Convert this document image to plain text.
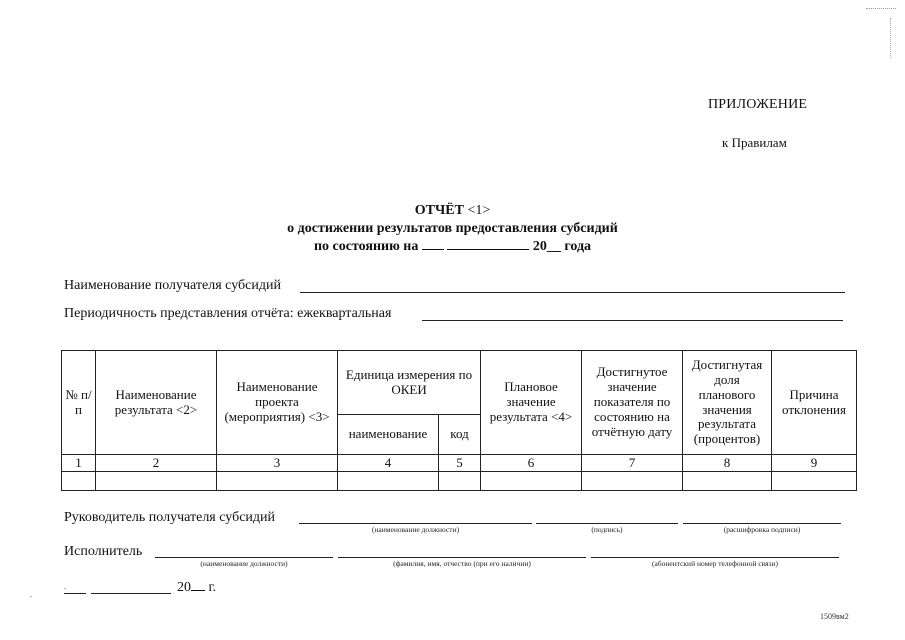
ПРИЛОЖЕНИЕ
к Правилам
ОТЧЁТ <1>
о достижении результатов предоставления субсидий
по состоянию на	20__ года
Наименование получателя субсидий
Периодичность представления отчёта: ежеквартальная
№ п/п	Наименование результата <2>	Наименование проекта (мероприятия) <3>	Единица измерения по ОКЕИ		Плановое значение результата <4>	Достигнутое значение показателя по состоянию на отчётную дату	Достигнутая доля планового значения результата (процентов)	Причина отклонения
			наименование	код				
1	2	3	4	5	6	7	8	9

Руководитель получателя субсидий
(наименование должности)	(подпись)	(расшифровка подписи)
Исполнитель
(наименование должности)	(фамилия, имя, отчество (при его наличии)	(абонентский номер телефонной связи)
20 г.
1509вм2
.
.
